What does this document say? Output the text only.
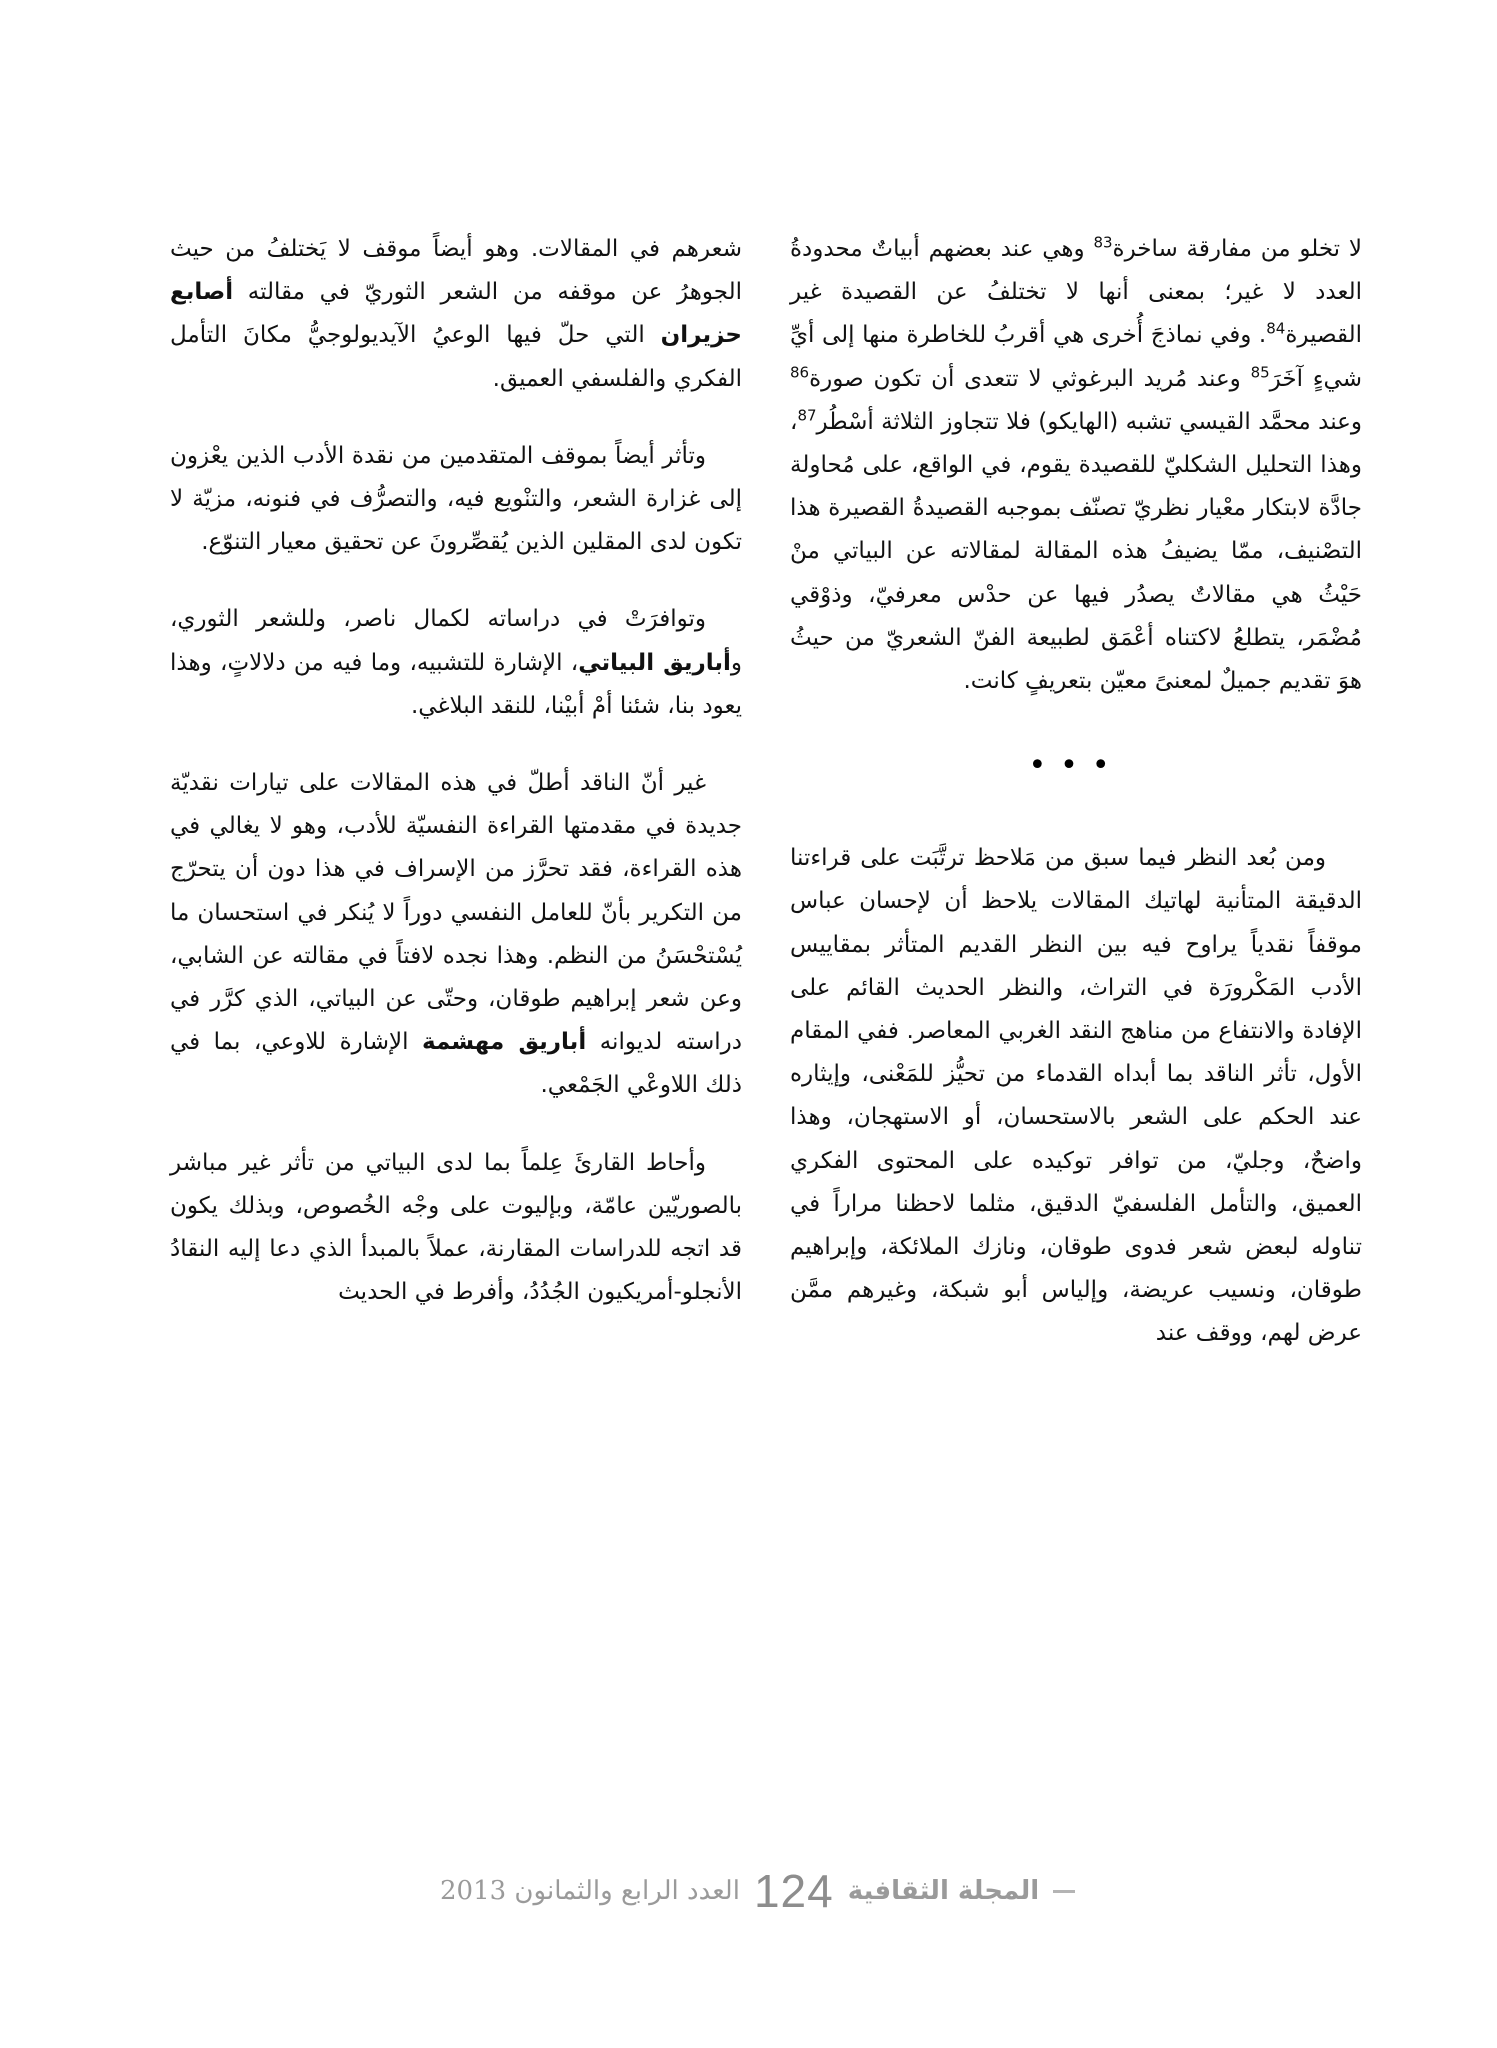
لا تخلو من مفارقة ساخرة$^{83}$ وهي عند بعضهم أبياتٌ محدودةُ العدد لا غير؛ بمعنى أنها لا تختلفُ عن القصيدة غير القصيرة$^{84}$. وفي نماذجَ أُخرى هي أقربُ للخاطرة منها إلى أيِّ شيءٍ آخَرَ$^{85}$ وعند مُريد البرغوثي لا تتعدى أن تكون صورة$^{86}$ وعند محمَّد القيسي تشبه (الهايكو) فلا تتجاوز الثلاثة أسْطُر$^{87}$، وهذا التحليل الشكليّ للقصيدة يقوم، في الواقع، على مُحاولة جادَّة لابتكار معْيار نظريّ تصنّف بموجبه القصيدةُ القصيرة هذا التصْنيف، ممّا يضيفُ هذه المقالة لمقالاته عن البياتي منْ حَيْثُ هي مقالاتٌ يصدُر فيها عن حدْس معرفيّ، وذوْقي مُضْمَر، يتطلعُ لاكتناه أعْمَق لطبيعة الفنّ الشعريّ من حيثُ هوَ تقديم جميلٌ لمعنىً معيّن بتعريفٍ كانت.

•••

ومن بُعد النظر فيما سبق من مَلاحظ ترتَّبَت على قراءتنا الدقيقة المتأنية لهاتيك المقالات يلاحظ أن لإحسان عباس موقفاً نقدياً يراوح فيه بين النظر القديم المتأثر بمقاييس الأدب المَكْرورَة في التراث، والنظر الحديث القائم على الإفادة والانتفاع من مناهج النقد الغربي المعاصر. ففي المقام الأول، تأثر الناقد بما أبداه القدماء من تحيُّز للمَعْنى، وإيثاره عند الحكم على الشعر بالاستحسان، أو الاستهجان، وهذا واضحٌ، وجليّ، من توافر توكيده على المحتوى الفكري العميق، والتأمل الفلسفيّ الدقيق، مثلما لاحظنا مراراً في تناوله لبعض شعر فدوى طوقان، ونازك الملائكة، وإبراهيم طوقان، ونسيب عريضة، وإلياس أبو شبكة، وغيرهم ممَّن عرض لهم، ووقف عند

شعرهم في المقالات. وهو أيضاً موقف لا يَختلفُ من حيث الجوهرُ عن موقفه من الشعر الثوريّ في مقالته أصابع حزيران التي حلّ فيها الوعيُ الآيديولوجيُّ مكانَ التأمل الفكري والفلسفي العميق.

وتأثر أيضاً بموقف المتقدمين من نقدة الأدب الذين يعْزون إلى غزارة الشعر، والتنْويع فيه، والتصرُّف في فنونه، مزيّة لا تكون لدى المقلين الذين يُقصِّرونَ عن تحقيق معيار التنوّع.

وتوافرَتْ في دراساته لكمال ناصر، وللشعر الثوري، وأباريق البياتي، الإشارة للتشبيه، وما فيه من دلالاتٍ، وهذا يعود بنا، شئنا أمْ أبيْنا، للنقد البلاغي.

غير أنّ الناقد أطلّ في هذه المقالات على تيارات نقديّة جديدة في مقدمتها القراءة النفسيّة للأدب، وهو لا يغالي في هذه القراءة، فقد تحرَّز من الإسراف في هذا دون أن يتحرّج من التكرير بأنّ للعامل النفسي دوراً لا يُنكر في استحسان ما يُسْتحْسَنُ من النظم. وهذا نجده لافتاً في مقالته عن الشابي، وعن شعر إبراهيم طوقان، وحتّى عن البياتي، الذي كرَّر في دراسته لديوانه أباريق مهشمة الإشارة للاوعي، بما في ذلك اللاوعْي الجَمْعي.

وأحاط القارئَ عِلماً بما لدى البياتي من تأثر غير مباشر بالصوريّين عامّة، وبإليوت على وجْه الخُصوص، وبذلك يكون قد اتجه للدراسات المقارنة، عملاً بالمبدأ الذي دعا إليه النقادُ الأنجلو-أمريكيون الجُدُدُ، وأفرط في الحديث

العدد الرابع والثمانون 2013 124 المجلة الثقافية
